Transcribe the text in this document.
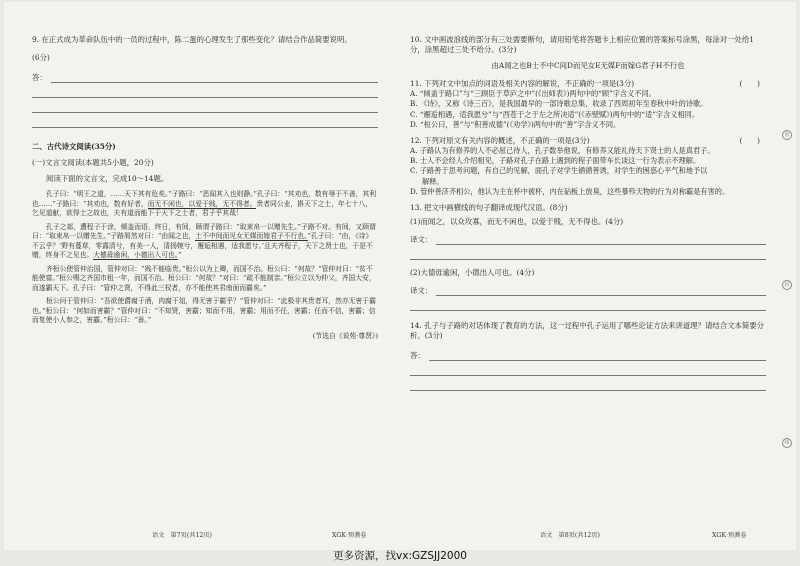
9. 在正式成为革命队伍中的一员的过程中，陈二蛋的心理发生了那些变化？请结合作品简要说明。

(6分)

答：

二、古代诗文阅读(35分)

(一)文言文阅读(本题共5小题，20分)

阅读下面的文言文，完成10～14题。

孔子曰：“明王之道，……天下其有危矣。”子路曰：“恶闻其入也则静。”孔子曰：“其劝也，数有辱于不善，其利也……”子路曰：“其劝也，数有好者，而无不闲也，以爱于贱，无不得者。贵者同公业，斟天下之士，年七十八，乞见道献，欲得士之故也，夫有道而能下于天下之士者，君子乎其哉！

孔子之郯，遭程子于涂，倾盖而语，终日，有间，顾谓子路曰：“取束帛一以赠先生。”子路不对。有间，又顾谓曰：“取束帛一以赠先生。”子路屑然对曰：“由闻之也，士不中间而见女无媒而嫁君子不行也。”孔子曰：“由，《诗》不云乎？‘野有蔓草，零露清兮，有美一人，清扬婉兮，邂逅相遇，适我愿兮。’且夫齐程子，天下之贤士也，于是不赠，终身不之见也。大德毋逾闲，小德出入可也。”

齐桓公使管仲治国，管仲对曰：“贱不能临贵。”桓公以为上卿，而国不治。桓公曰：“何故？”管仲对曰：“贫不能使富。”桓公赐之齐国市租一年，而国不治。桓公曰：“何故？”对曰：“疏不能制亲。”桓公立以为仲父，齐国大安，而遂霸天下。孔子曰：“管仲之贤，不得此三权者，亦不能使其君南面而霸矣。”

桓公问于管仲曰：“吾欲使爵腐于酒，肉腐于俎，得无害于霸乎？”管仲对曰：“此极非其贵者耳，然亦无害于霸也。”桓公曰：“何如而害霸？”管仲对曰：“不知贤，害霸；知而不用，害霸；用而不任，害霸；任而不信，害霸；信而复使小人参之，害霸。”桓公曰：“善。”

(节选自《说苑·尊贤》)

语文　第7页(共12页)	XGK·预测卷

10. 文中画波浪线的部分有三处需要断句，请用铅笔将答题卡上相应位置的答案标号涂黑，每涂对一处给1分，涂黑超过三处不给分。(3分)

由A闻之也B士不中C间D而见女E无媒F而嫁G君子H不行也

11. 下列对文中加点的词语及相关内容的解说，不正确的一项是(3分)	(　　)

A. “倾盖于路口”与“三顾臣于草庐之中”(《出师表》)两句中的“顾”字含义不同。

B. 《诗》，又称《诗三百》，是我国最早的一部诗歌总集，收录了西周初年至春秋中叶的诗歌。

C. “邂逅相遇，适我愿兮”与“西苍于之于左之所决适”(《赤壁赋》)两句中的“适”字含义相同。

D. “桓公曰，善”与“积善成德”(《劝学》)两句中的“善”字含义不同。

12. 下列对原文有关内容的概述，不正确的一项是(3分)	(　　)

A. 子路认为有修养的人不必屈己待人，孔子数举他说，有修养又能礼待天下贤士的人是真君子。

B. 士人不会经人介绍相见，子路对孔子在路上遇到的程子面带车长谈这一行为表示不理解。

C. 子路善于思考问题，有自己的见解，面孔子对学生循循善诱，对学生的困惑心平气和地予以

解释。

D. 管仲善济齐相公，他认为主在杯中被杯，内在砧板上放臭，这些暴殄天物的行为对称霸是有害的。

13. 把文中画横线的句子翻译成现代汉语。(8分)

(1)而闻之，以众攻寡，而无不闲也，以爱于贱，无不得也。(4分)

译文：

(2)大德毋逾闲，小德出入可也。(4分)

译文：

14. 孔子与子路的对话体现了教育的方法，这一过程中孔子运用了哪些论证方法来讲道理？请结合文本简要分析。(3分)

答：
语文　第8页(共12页)	XGK·预测卷
密
封
线
更多资源，找vx:GZSJJ2000
